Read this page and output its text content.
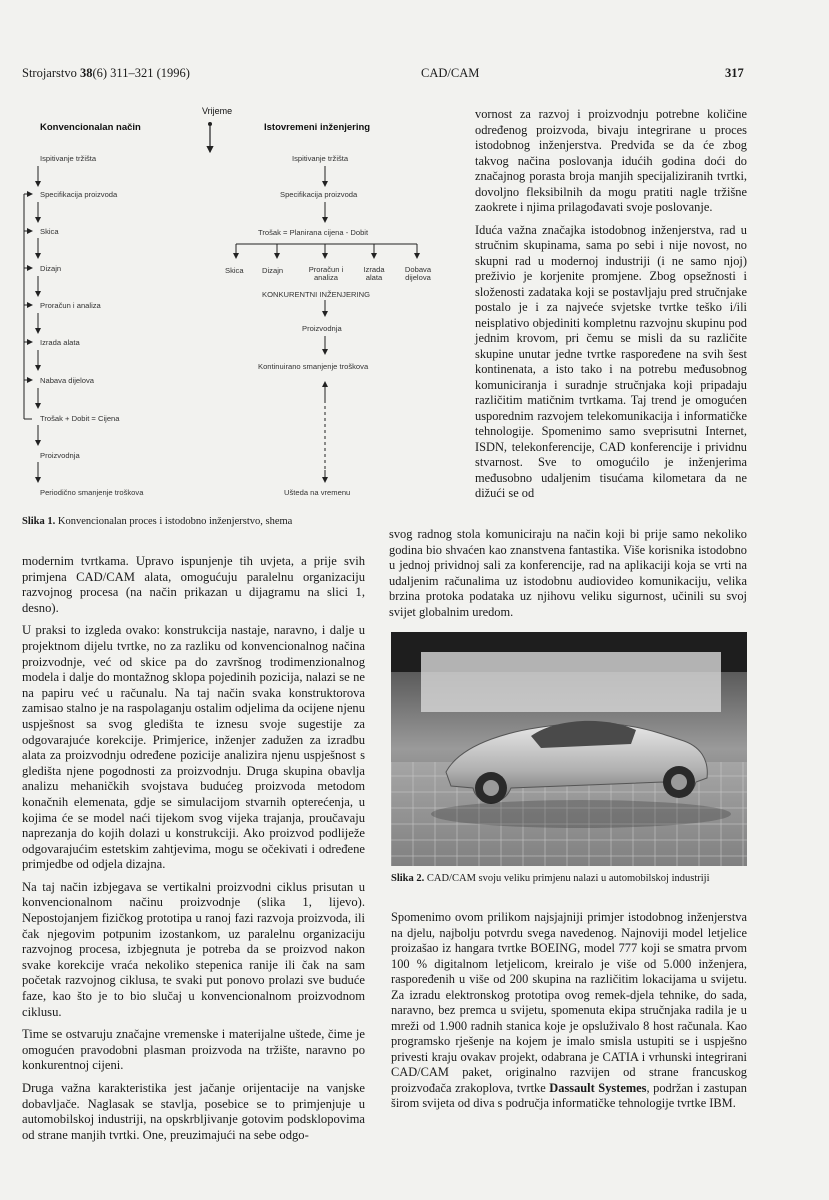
Strojarstvo 38(6) 311–321 (1996)	CAD/CAM	317
Vrijeme
Konvencionalan način	Istovremeni inženjering
Ispitivanje tržišta
Specifikacija proizvoda
Skica
Dizajn
Proračun i analiza
Izrada alata
Nabava dijelova
Trošak + Dobit = Cijena
Proizvodnja
Periodično smanjenje troškova
Ispitivanje tržišta
Specifikacija proizvoda
Trošak = Planirana cijena - Dobit
Skica Dizajn	Proračun i analiza
Izrada alata
Dobava dijelova
KONKURENTNI INŽENJERING
Proizvodnja
Kontinuirano smanjenje troškova
Ušteda na vremenu
Slika 1. Konvencionalan proces i istodobno inženjerstvo, shema

modernim tvrtkama. Upravo ispunjenje tih uvjeta, a prije svih primjena CAD/CAM alata, omogućuju paralelnu organizaciju razvojnog procesa (na način prikazan u dijagramu na slici 1, desno).

U praksi to izgleda ovako: konstrukcija nastaje, naravno, i dalje u projektnom dijelu tvrtke, no za razliku od konvencionalnog načina proizvodnje, već od skice pa do završnog trodimenzionalnog modela i dalje do montažnog sklopa pojedinih pozicija, nalazi se ne na papiru već u računalu. Na taj način svaka konstruktorova zamisao stalno je na raspolaganju ostalim odjelima da ocijene njenu uspješnost sa svog gledišta te iznesu svoje sugestije za odgovarajuće korekcije. Primjerice, inženjer zadužen za izradbu alata za proizvodnju određene pozicije analizira njenu uspješnost s gledišta njene pogodnosti za proizvodnju. Druga skupina obavlja analizu mehaničkih svojstava budućeg proizvoda metodom konačnih elemenata, gdje se simulacijom stvarnih opterećenja, u kojima će se model naći tijekom svog vijeka trajanja, proučavaju naprezanja do kojih dolazi u konstrukciji. Ako proizvod podliježe odgovarajućim estetskim zahtjevima, mogu se očekivati i određene primjedbe od odjela dizajna.

Na taj način izbjegava se vertikalni proizvodni ciklus prisutan u konvencionalnom načinu proizvodnje (slika 1, lijevo). Nepostojanjem fizičkog prototipa u ranoj fazi razvoja proizvoda, ili čak njegovim potpunim izostankom, uz paralelnu organizaciju razvojnog procesa, izbjegnuta je potreba da se proizvod nakon svake korekcije vraća nekoliko stepenica ranije ili čak na sam početak razvojnog ciklusa, te svaki put ponovo prolazi sve buduće faze, kao što je to bio slučaj u konvencionalnom proizvodnom ciklusu.

Time se ostvaruju značajne vremenske i materijalne uštede, čime je omogućen pravodobni plasman proizvoda na tržište, naravno po konkurentnoj cijeni.

Druga važna karakteristika jest jačanje orijentacije na vanjske dobavljače. Naglasak se stavlja, posebice se to primjenjuje u automobilskoj industriji, na opskrbljivanje gotovim podsklopovima od strane manjih tvrtki. One, preuzimajući na sebe odgo-

vornost za razvoj i proizvodnju potrebne količine određenog proizvoda, bivaju integrirane u proces istodobnog inženjerstva. Predviđa se da će zbog takvog načina poslovanja idućih godina doći do značajnog porasta broja manjih specijaliziranih tvrtki, dovoljno fleksibilnih da mogu pratiti nagle tržišne zaokrete i njima prilagođavati svoje poslovanje.

Iduća važna značajka istodobnog inženjerstva, rad u stručnim skupinama, sama po sebi i nije novost, no skupni rad u modernoj industriji (i ne samo njoj) preživio je korjenite promjene. Zbog opsežnosti i složenosti zadataka koji se postavljaju pred stručnjake postalo je i za najveće svjetske tvrtke teško i/ili neisplativo objediniti kompletnu razvojnu skupinu pod jednim krovom, pri čemu se misli da su različite skupine unutar jedne tvrtke raspoređene na svih šest kontinenata, a isto tako i na potrebu međusobnog komuniciranja i suradnje stručnjaka koji pripadaju različitim matičnim tvrtkama. Taj trend je omogućen usporednim razvojem telekomunikacija i informatičke tehnologije. Spomenimo samo sveprisutni Internet, ISDN, telekonferencije, CAD konferencije i prividnu stvarnost. Sve to omogućilo je inženjerima međusobno udaljenim tisućama kilometara da ne dižući se od

svog radnog stola komuniciraju na način koji bi prije samo nekoliko godina bio shvaćen kao znanstvena fantastika. Više korisnika istodobno u jednoj prividnoj sali za konferencije, rad na aplikaciji koja se vrti na udaljenim računalima uz istodobnu audiovideo komunikaciju, velika brzina protoka podataka uz njihovu veliku sigurnost, učinili su svoj svijet globalnim uredom.
Slika 2. CAD/CAM svoju veliku primjenu nalazi u automobilskoj industriji
Spomenimo ovom prilikom najsjajniji primjer istodobnog inženjerstva na djelu, najbolju potvrdu svega navedenog. Najnoviji model letjelice proizašao iz hangara tvrtke BOEING, model 777 koji se smatra prvom 100 % digitalnom letjelicom, kreiralo je više od 5.000 inženjera, raspoređenih u više od 200 skupina na različitim lokacijama u svijetu. Za izradu elektronskog prototipa ovog remek-djela tehnike, do sada, naravno, bez premca u svijetu, spomenuta ekipa stručnjaka radila je u mreži od 1.900 radnih stanica koje je opsluživalo 8 host računala. Kao programsko rješenje na kojem je imalo smisla ustupiti se i uspješno privesti kraju ovakav projekt, odabrana je CATIA i vrhunski integrirani CAD/CAM paket, originalno razvijen od strane francuskog proizvođača zrakoplova, tvrtke Dassault Systemes, podržan i zastupan širom svijeta od diva s područja informatičke tehnologije tvrtke IBM.
